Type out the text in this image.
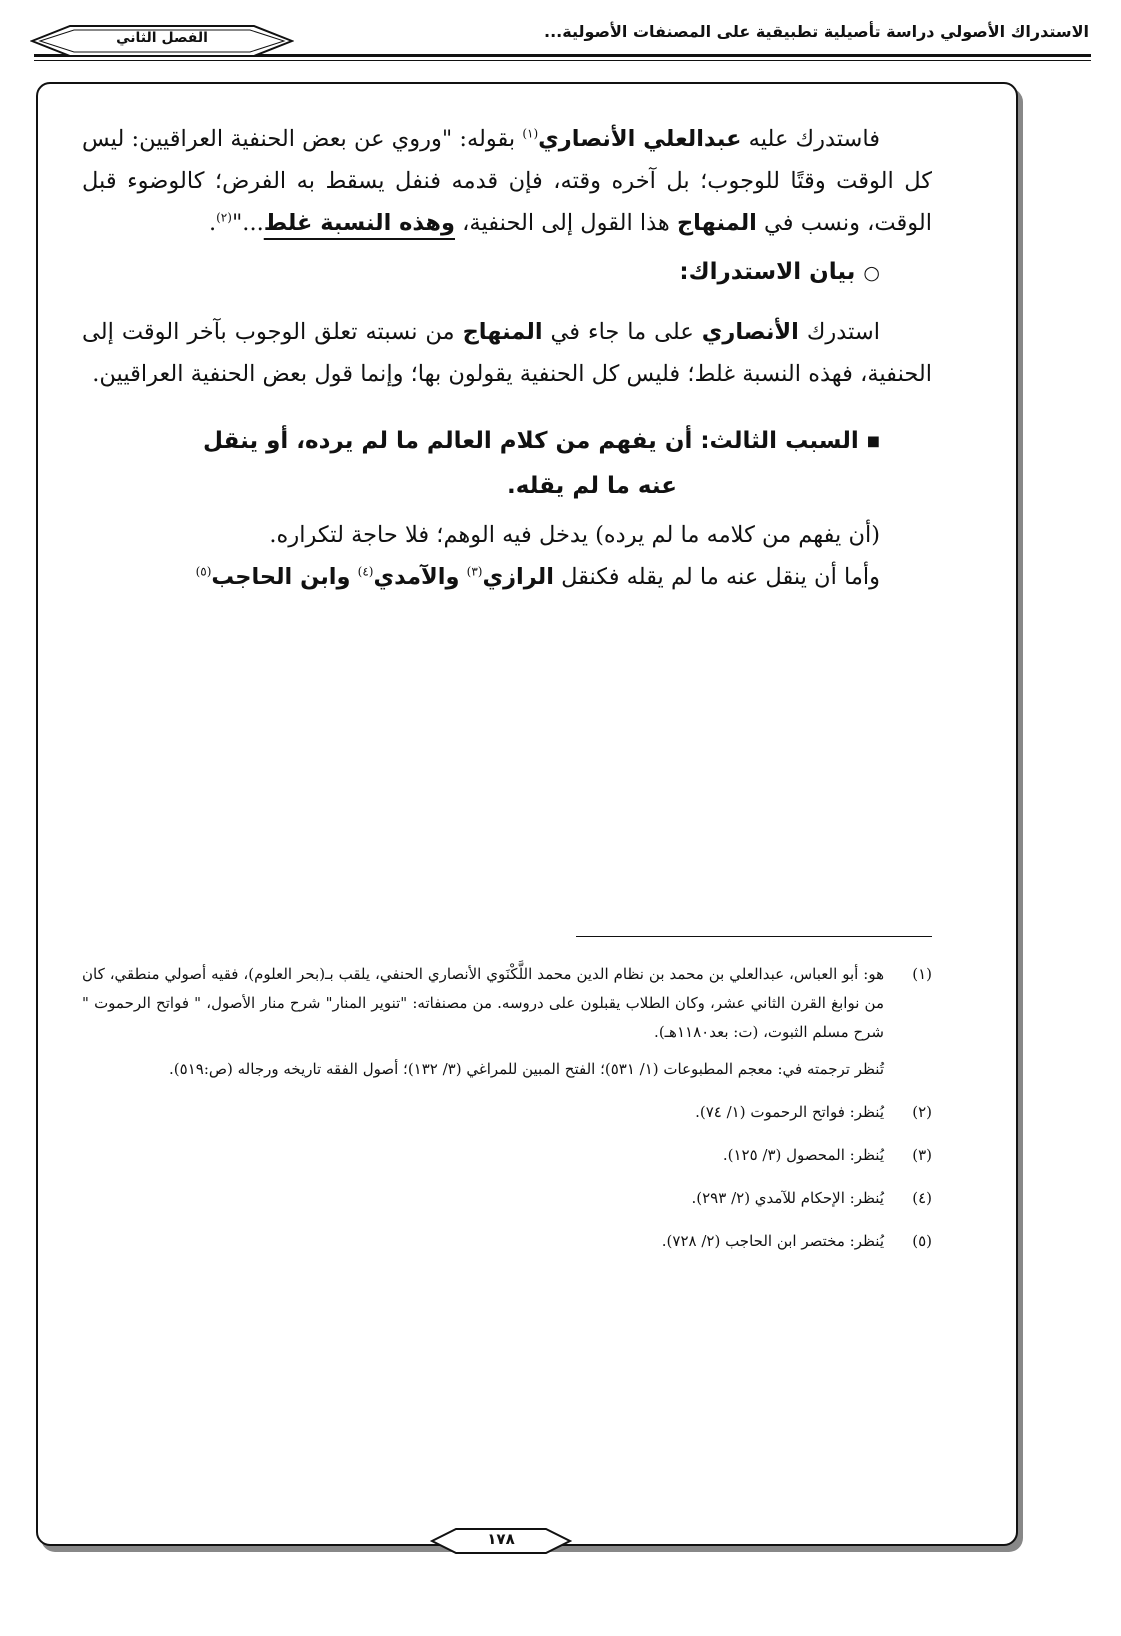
الاستدراك الأصولي دراسة تأصيلية تطبيقية على المصنفات الأصولية...
الفصل الثاني

فاستدرك عليه عبدالعلي الأنصاري$^{(١)}$ بقوله: "وروي عن بعض الحنفية العراقيين: ليس كل الوقت وقتًا للوجوب؛ بل آخره وقته، فإن قدمه فنفل يسقط به الفرض؛ كالوضوء قبل الوقت، ونسب في المنهاج هذا القول إلى الحنفية، وهذه النسبة غلط..."$^{(٢)}$.

○ بيان الاستدراك:

استدرك الأنصاري على ما جاء في المنهاج من نسبته تعلق الوجوب بآخر الوقت إلى الحنفية، فهذه النسبة غلط؛ فليس كل الحنفية يقولون بها؛ وإنما قول بعض الحنفية العراقيين.

■ السبب الثالث: أن يفهم من كلام العالم ما لم يرده، أو ينقل

عنه ما لم يقله.

(أن يفهم من كلامه ما لم يرده) يدخل فيه الوهم؛ فلا حاجة لتكراره.

وأما أن ينقل عنه ما لم يقله فكنقل الرازي$^{(٣)}$ والآمدي$^{(٤)}$ وابن الحاجب$^{(٥)}$

(١)

هو: أبو العباس، عبدالعلي بن محمد بن نظام الدين محمد اللَّكْنَوي الأنصاري الحنفي، يلقب بـ(بحر العلوم)، فقيه أصولي منطقي، كان من نوابغ القرن الثاني عشر، وكان الطلاب يقبلون على دروسه. من مصنفاته: "تنوير المنار" شرح منار الأصول، " فواتح الرحموت " شرح مسلم الثبوت، (ت: بعد١١٨٠هـ).

تُنظر ترجمته في: معجم المطبوعات (١/ ٥٣١)؛ الفتح المبين للمراغي (٣/ ١٣٢)؛ أصول الفقه تاريخه ورجاله (ص:٥١٩).

(٢)

يُنظر: فواتح الرحموت (١/ ٧٤).

(٣)

يُنظر: المحصول (٣/ ١٢٥).

(٤)

يُنظر: الإحكام للآمدي (٢/ ٢٩٣).

(٥)

يُنظر: مختصر ابن الحاجب (٢/ ٧٢٨).

١٧٨
